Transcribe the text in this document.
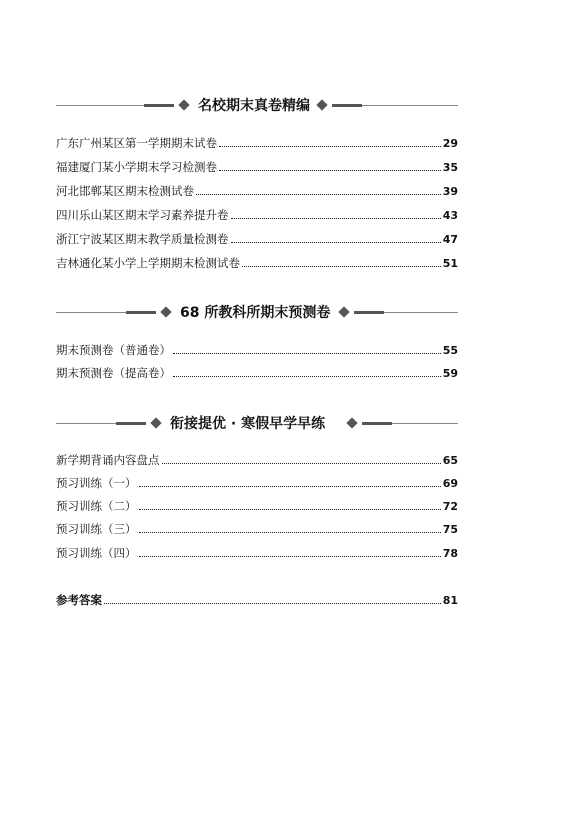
名校期末真卷精编
广东广州某区第一学期期末试卷	29
福建厦门某小学期末学习检测卷	35
河北邯郸某区期末检测试卷	39
四川乐山某区期末学习素养提升卷	43
浙江宁波某区期末教学质量检测卷	47
吉林通化某小学上学期期末检测试卷	51
68 所教科所期末预测卷
期末预测卷（普通卷）	55
期末预测卷（提高卷）	59
衔接提优 · 寒假早学早练
新学期背诵内容盘点	65
预习训练（一）	69
预习训练（二）	72
预习训练（三）	75
预习训练（四）	78
参考答案	81
